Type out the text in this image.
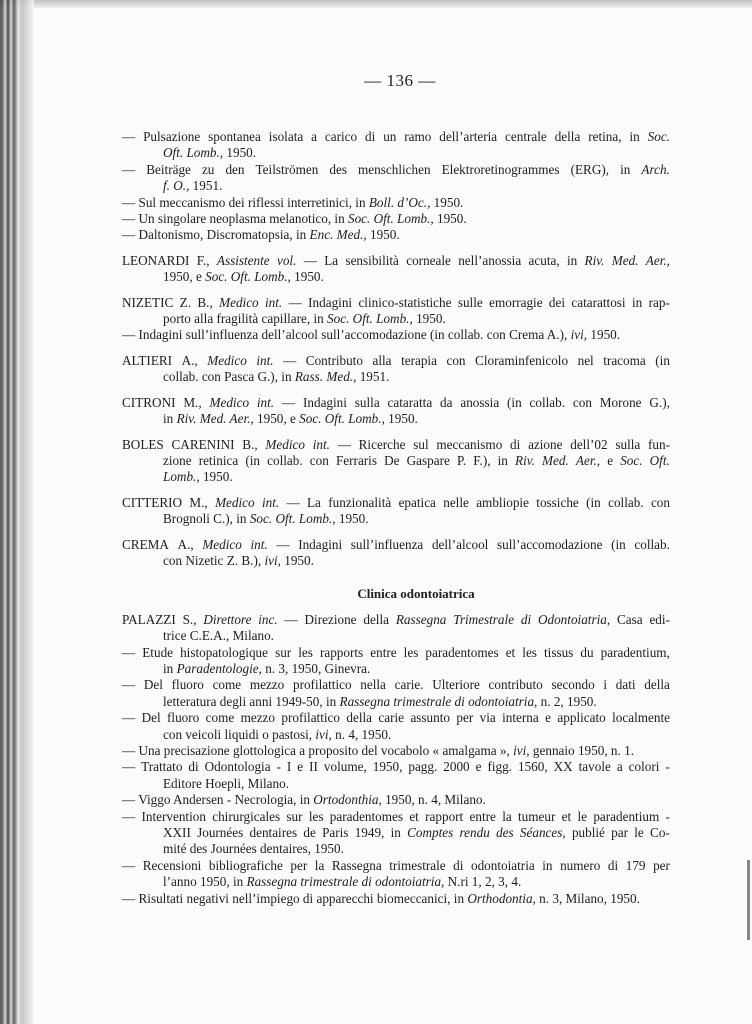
— 136 —
— Pulsazione spontanea isolata a carico di un ramo dell’arteria centrale della retina, in Soc.
Oft. Lomb., 1950.
— Beiträge zu den Teilströmen des menschlichen Elektroretinogrammes (ERG), in Arch.
f. O., 1951.
— Sul meccanismo dei riflessi interretinici, in Boll. d’Oc., 1950.
— Un singolare neoplasma melanotico, in Soc. Oft. Lomb., 1950.
— Daltonismo, Discromatopsia, in Enc. Med., 1950.
LEONARDI F., Assistente vol. — La sensibilità corneale nell’anossia acuta, in Riv. Med. Aer.,
1950, e Soc. Oft. Lomb., 1950.
NIZETIC Z. B., Medico int. — Indagini clinico-statistiche sulle emorragie dei catarattosi in rap-
porto alla fragilità capillare, in Soc. Oft. Lomb., 1950.
— Indagini sull’influenza dell’alcool sull’accomodazione (in collab. con Crema A.), ivi, 1950.
ALTIERI A., Medico int. — Contributo alla terapia con Cloraminfenicolo nel tracoma (in
collab. con Pasca G.), in Rass. Med., 1951.
CITRONI M., Medico int. — Indagini sulla cataratta da anossia (in collab. con Morone G.),
in Riv. Med. Aer., 1950, e Soc. Oft. Lomb., 1950.
BOLES CARENINI B., Medico int. — Ricerche sul meccanismo di azione dell’02 sulla fun-
zione retinica (in collab. con Ferraris De Gaspare P. F.), in Riv. Med. Aer., e Soc. Oft.
Lomb., 1950.
CITTERIO M., Medico int. — La funzionalità epatica nelle ambliopie tossiche (in collab. con
Brognoli C.), in Soc. Oft. Lomb., 1950.
CREMA A., Medico int. — Indagini sull’influenza dell’alcool sull’accomodazione (in collab.
con Nizetic Z. B.), ivi, 1950.
Clinica odontoiatrica
PALAZZI S., Direttore inc. — Direzione della Rassegna Trimestrale di Odontoiatria, Casa edi-
trice C.E.A., Milano.
— Etude histopatologique sur les rapports entre les paradentomes et les tissus du paradentium,
in Paradentologie, n. 3, 1950, Ginevra.
— Del fluoro come mezzo profilattico nella carie. Ulteriore contributo secondo i dati della
letteratura degli anni 1949-50, in Rassegna trimestrale di odontoiatria, n. 2, 1950.
— Del fluoro come mezzo profilattico della carie assunto per via interna e applicato localmente
con veicoli liquidi o pastosi, ivi, n. 4, 1950.
— Una precisazione glottologica a proposito del vocabolo « amalgama », ivi, gennaio 1950, n. 1.
— Trattato di Odontologia - I e II volume, 1950, pagg. 2000 e figg. 1560, XX tavole a colori -
Editore Hoepli, Milano.
— Viggo Andersen - Necrologia, in Ortodonthia, 1950, n. 4, Milano.
— Intervention chirurgicales sur les paradentomes et rapport entre la tumeur et le paradentium -
XXII Journées dentaires de Paris 1949, in Comptes rendu des Séances, publié par le Co-
mité des Journées dentaires, 1950.
— Recensioni bibliografiche per la Rassegna trimestrale di odontoiatria in numero di 179 per
l’anno 1950, in Rassegna trimestrale di odontoiatria, N.ri 1, 2, 3, 4.
— Risultati negativi nell’impiego di apparecchi biomeccanici, in Orthodontia, n. 3, Milano, 1950.
